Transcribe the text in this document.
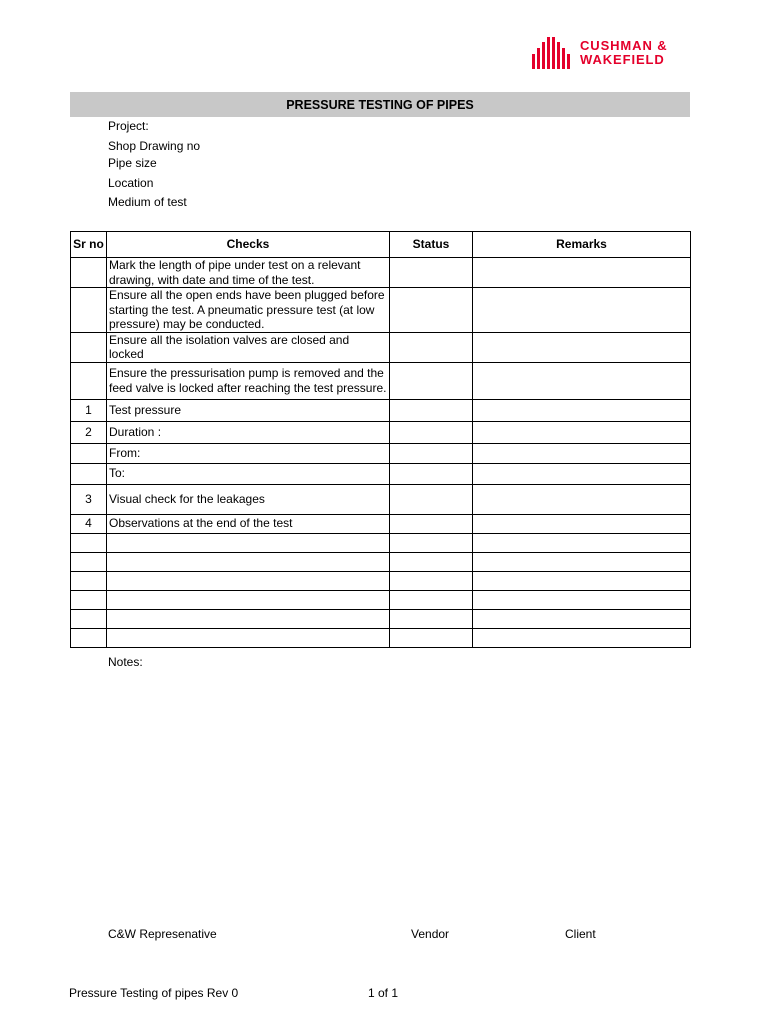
CUSHMAN &
WAKEFIELD
PRESSURE TESTING OF PIPES
Project:
Shop Drawing no
Pipe size
Location
Medium of test
Sr no	Checks	Status	Remarks
	Mark the length of pipe under test on a relevant drawing, with date and time of the test.		
	Ensure all the open ends have been plugged before starting the test. A pneumatic pressure test (at low pressure) may be conducted.		
	Ensure all the isolation valves are closed and locked		
	Ensure the pressurisation pump is removed and the feed valve is locked after reaching the test pressure.		
1	Test pressure		
2	Duration :		
	From:		
	To:		
3	Visual check for the leakages		
4	Observations at the end of the test		

Notes:
C&W Represenative	Vendor	Client
Pressure Testing of pipes Rev 0	1 of 1
